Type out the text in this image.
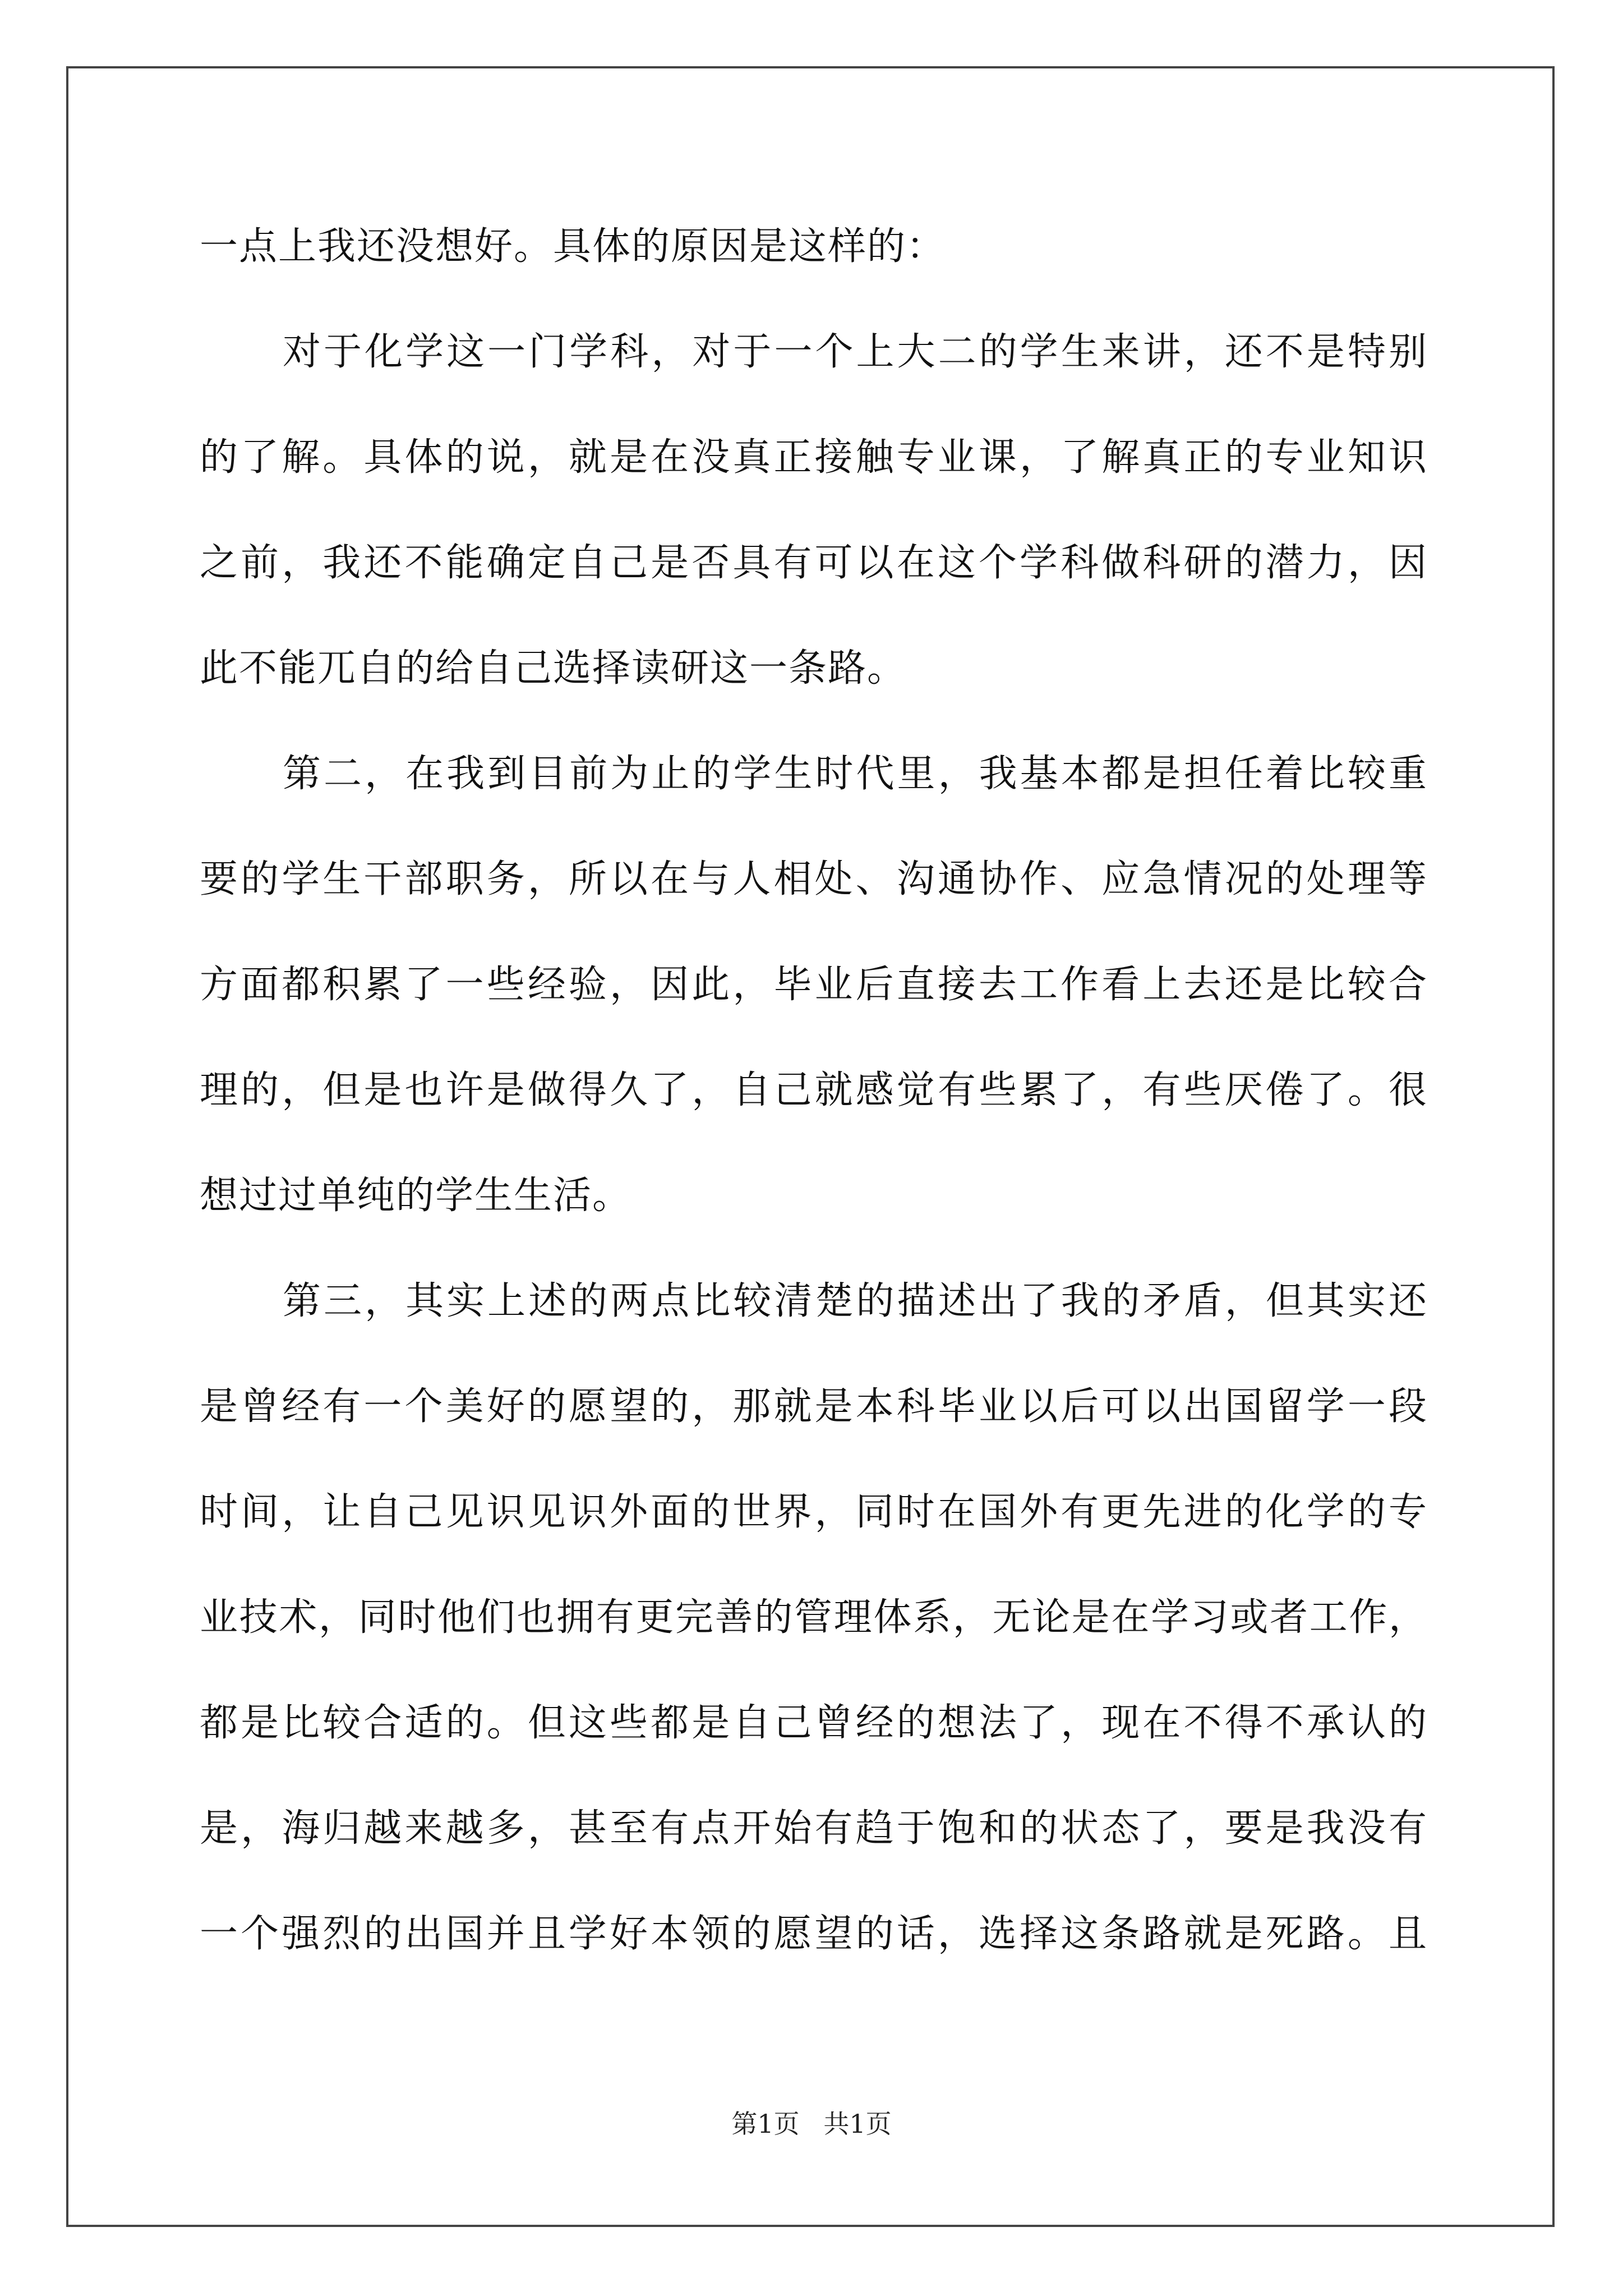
一点上我还没想好。具体的原因是这样的：
对于化学这一门学科，对于一个上大二的学生来讲，还不是特别
的了解。具体的说，就是在没真正接触专业课，了解真正的专业知识
之前，我还不能确定自己是否具有可以在这个学科做科研的潜力，因
此不能兀自的给自己选择读研这一条路。
第二，在我到目前为止的学生时代里，我基本都是担任着比较重
要的学生干部职务，所以在与人相处、沟通协作、应急情况的处理等
方面都积累了一些经验，因此，毕业后直接去工作看上去还是比较合
理的，但是也许是做得久了，自己就感觉有些累了，有些厌倦了。很
想过过单纯的学生生活。
第三，其实上述的两点比较清楚的描述出了我的矛盾，但其实还
是曾经有一个美好的愿望的，那就是本科毕业以后可以出国留学一段
时间，让自己见识见识外面的世界，同时在国外有更先进的化学的专
业技术，同时他们也拥有更完善的管理体系，无论是在学习或者工作，
都是比较合适的。但这些都是自己曾经的想法了，现在不得不承认的
是，海归越来越多，甚至有点开始有趋于饱和的状态了，要是我没有
一个强烈的出国并且学好本领的愿望的话，选择这条路就是死路。且
第1页 共1页
